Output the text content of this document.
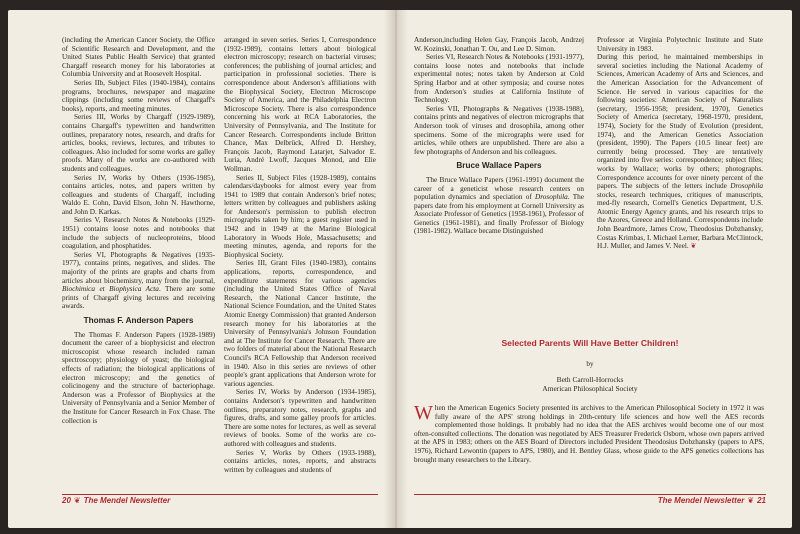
(including the American Cancer Society, the Office of Scientific Research and Development, and the United States Public Health Service) that granted Chargaff research money for his laboratories at Columbia University and at Roosevelt Hospital.

Series IIb, Subject Files (1940-1984), contains programs, brochures, newspaper and magazine clippings (including some reviews of Chargaff's books), reports, and meeting minutes.

Series III, Works by Chargaff (1929-1989), contains Chargaff's typewritten and handwritten outlines, preparatory notes, research, and drafts for articles, books, reviews, lectures, and tributes to colleagues. Also included for some works are galley proofs. Many of the works are co-authored with students and colleagues.

Series IV, Works by Others (1936-1985), contains articles, notes, and papers written by colleagues and students of Chargaff, including Waldo E. Cohn, David Elson, John N. Hawthorne, and John D. Karkas.

Series V, Research Notes & Notebooks (1929-1951) contains loose notes and notebooks that include the subjects of nucleoproteins, blood coagulation, and phosphatides.

Series VI, Photographs & Negatives (1935-1977), contains prints, negatives, and slides. The majority of the prints are graphs and charts from articles about biochemistry, many from the journal, Biochimica et Biophysica Acta. There are some prints of Chargaff giving lectures and receiving awards.

Thomas F. Anderson Papers

The Thomas F. Anderson Papers (1928-1989) document the career of a biophysicist and electron microscopist whose research included raman spectroscopy; physiology of yeast; the biological effects of radiation; the biological applications of electron microscopy; and the genetics of colicinogeny and the structure of bacteriophage. Anderson was a Professor of Biophysics at the University of Pennsylvania and a Senior Member of the Institute for Cancer Research in Fox Chase. The collection is

arranged in seven series. Series I, Correspondence (1932-1989), contains letters about biological electron microscopy; research on bacterial viruses; conferences; the publishing of journal articles; and participation in professional societies. There is correspondence about Anderson's affiliations with the Biophysical Society, Electron Microscope Society of America, and the Philadelphia Electron Microscope Society. There is also correspondence concerning his work at RCA Laboratories, the University of Pennsylvania, and The Institute for Cancer Research. Correspondents include Britton Chance, Max Delbrück, Alfred D. Hershey, François Jacob, Raymond Latarjet, Salvador E. Luria, André Lwoff, Jacques Monod, and Elie Wollman.

Series II, Subject Files (1928-1989), contains calendars/daybooks for almost every year from 1941 to 1989 that contain Anderson's brief notes; letters written by colleagues and publishers asking for Anderson's permission to publish electron micrographs taken by him; a guest register used in 1942 and in 1949 at the Marine Biological Laboratory in Woods Hole, Massachusetts; and meeting minutes, agenda, and reports for the Biophysical Society.

Series III, Grant Files (1940-1983), contains applications, reports, correspondence, and expenditure statements for various agencies (including the United States Office of Naval Research, the National Cancer Institute, the National Science Foundation, and the United States Atomic Energy Commission) that granted Anderson research money for his laboratories at the University of Pennsylvania's Johnson Foundation and at The Institute for Cancer Research. There are two folders of material about the National Research Council's RCA Fellowship that Anderson received in 1940. Also in this series are reviews of other people's grant applications that Anderson wrote for various agencies.

Series IV, Works by Anderson (1934-1985), contains Anderson's typewritten and handwritten outlines, preparatory notes, research, graphs and figures, drafts, and some galley proofs for articles. There are some notes for lectures, as well as several reviews of books. Some of the works are co-authored with colleagues and students.

Series V, Works by Others (1933-1988), contains articles, notes, reports, and abstracts written by colleagues and students of

20 ❦ The Mendel Newsletter

Anderson,including Helen Gay, François Jacob, Andrzej W. Kozinski, Jonathan T. Ou, and Lee D. Simon.

Series VI, Research Notes & Notebooks (1931-1977), contains loose notes and notebooks that include experimental notes; notes taken by Anderson at Cold Spring Harbor and at other symposia; and course notes from Anderson's studies at California Institute of Technology.

Series VII, Photographs & Negatives (1938-1988), contains prints and negatives of electron micrographs that Anderson took of viruses and drosophila, among other specimens. Some of the micrographs were used for articles, while others are unpublished. There are also a few photographs of Anderson and his colleagues.

Bruce Wallace Papers

The Bruce Wallace Papers (1961-1991) document the career of a geneticist whose research centers on population dynamics and speciation of Drosophila. The papers date from his employment at Cornell University as Associate Professor of Genetics (1958-1961), Professor of Genetics (1961-1981), and finally Professor of Biology (1981-1982). Wallace became Distinguished

Professor at Virginia Polytechnic Institute and State University in 1983.

During this period, he maintained memberships in several societies including the National Academy of Sciences, American Academy of Arts and Sciences, and the American Association for the Advancement of Science. He served in various capacities for the following societies: American Society of Naturalists (secretary, 1956-1958; president, 1970), Genetics Society of America (secretary, 1968-1970, president, 1974), Society for the Study of Evolution (president, 1974), and the American Genetics Association (president, 1990). The Papers (10.5 linear feet) are currently being processed. They are tentatively organized into five series: correspondence; subject files; works by Wallace; works by others; photographs. Correspondence accounts for over ninety percent of the papers. The subjects of the letters include Drosophila stocks, research techniques, critiques of manuscripts, med-fly research, Cornell's Genetics Department, U.S. Atomic Energy Agency grants, and his research trips to the Azores, Greece and Holland. Correspondents include John Beardmore, James Crow, Theodosius Dobzhansky, Costas Krimbas, I. Michael Lerner, Barbara McClintock, H.J. Muller, and James V. Neel. ❦

Selected Parents Will Have Better Children!
by
Beth Carroll-Horrocks
American Philosophical Society

When the American Eugenics Society presented its archives to the American Philosophical Society in 1972 it was fully aware of the APS' strong holdings in 20th-century life sciences and how well the AES records complemented those holdings. It probably had no idea that the AES archives would become one of our most often-consulted collections. The donation was negotiated by AES Treasurer Frederick Osborn, whose own papers arrived at the APS in 1983; others on the AES Board of Directors included President Theodosius Dobzhansky (papers to APS, 1976), Richard Lewontin (papers to APS, 1980), and H. Bentley Glass, whose guide to the APS genetics collections has brought many researchers to the Library.

The Mendel Newsletter ❦ 21
